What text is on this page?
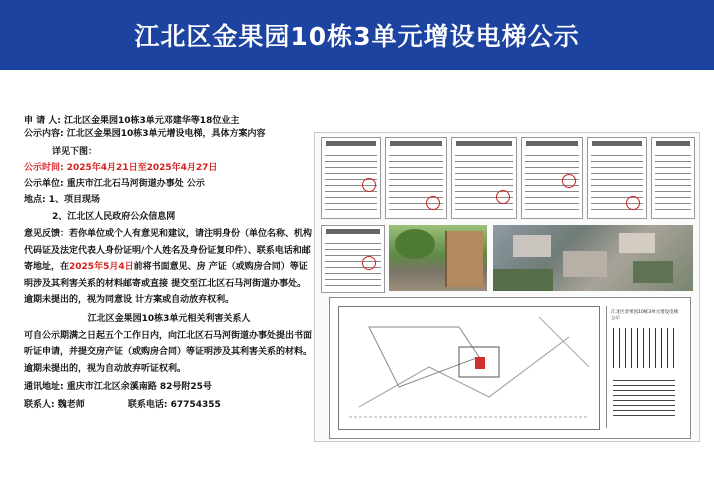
江北区金果园10栋3单元增设电梯公示
申 请 人: 江北区金果园10栋3单元邓建华等18位业主
公示内容: 江北区金果园10栋3单元增设电梯，具体方案内容
详见下图：
公示时间: 2025年4月21日至2025年4月27日
公示单位: 重庆市江北石马河街道办事处 公示
地点: 1、项目现场
2、江北区人民政府公众信息网
意见反馈：若你单位或个人有意见和建议，请注明身份（单位名称、机构代码证及法定代表人身份证明/个人姓名及身份证复印件）、联系电话和邮寄地址，在2025年5月4日前将书面意见、房 产证（或购房合同）等证明涉及其利害关系的材料邮寄或直接 提交至江北区石马河街道办事处。逾期未提出的，视为同意设 计方案或自动放弃权利。
江北区金果园10栋3单元相关利害关系人
可自公示期满之日起五个工作日内，向江北区石马河街道办事处提出书面听证申请，并提交房产证（或购房合同）等证明涉及其利害关系的材料。逾期未提出的，视为自动放弃听证权利。
通讯地址: 重庆市江北区余溪南路 82号附25号
联系人: 魏老师	联系电话: 67754355
江北区金果园10栋3单元增设电梯公示
